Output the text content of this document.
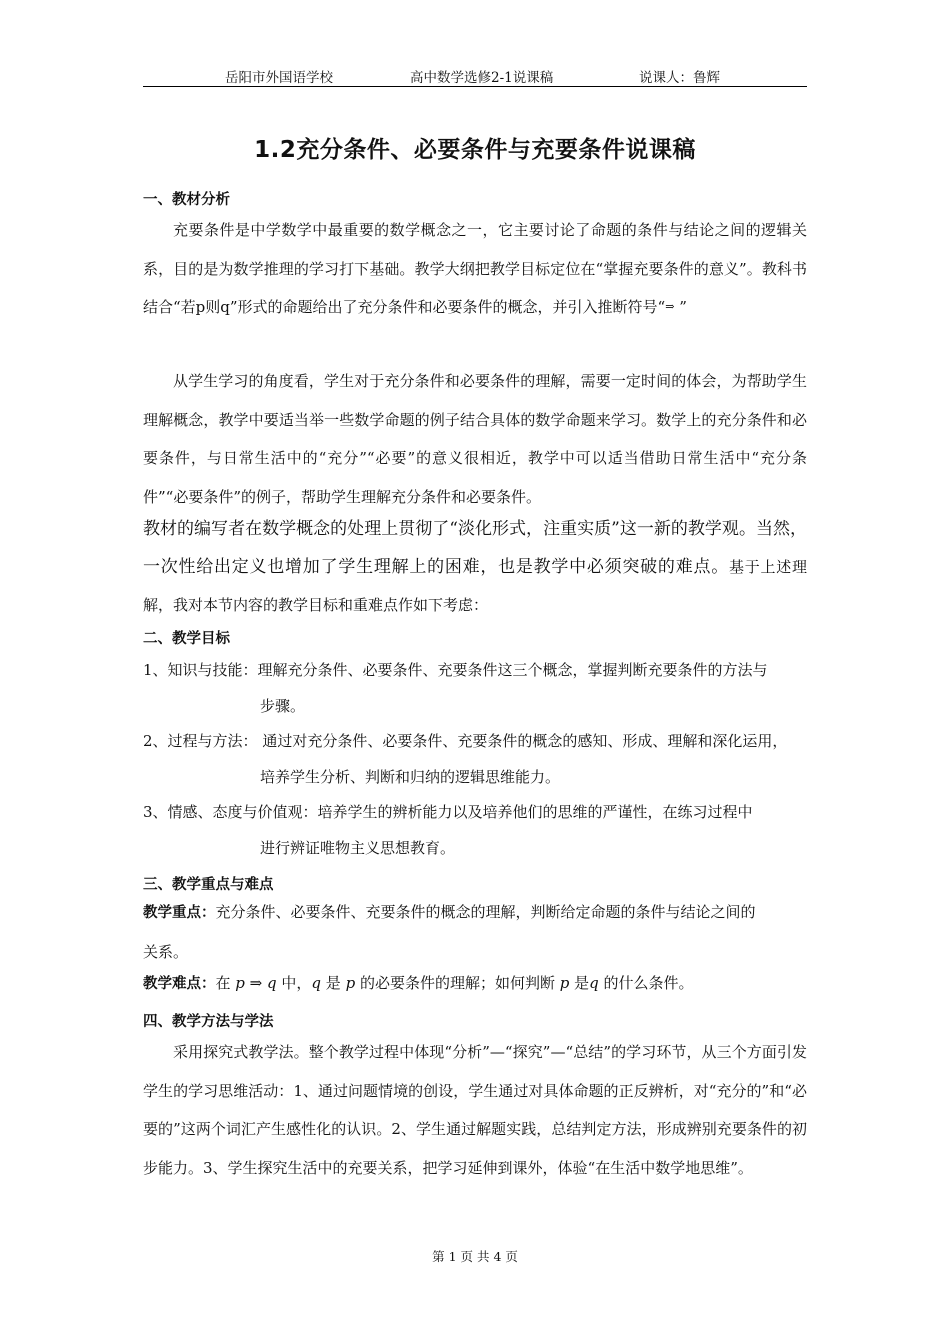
岳阳市外国语学校	高中数学选修2-1说课稿	说课人：鲁辉
1.2充分条件、必要条件与充要条件说课稿
一、教材分析
充要条件是中学数学中最重要的数学概念之一，它主要讨论了命题的条件与结论之间的逻辑关系，目的是为数学推理的学习打下基础。教学大纲把教学目标定位在“掌握充要条件的意义”。教科书结合“若p则q”形式的命题给出了充分条件和必要条件的概念，并引入推断符号“⇒ ”
从学生学习的角度看，学生对于充分条件和必要条件的理解，需要一定时间的体会，为帮助学生理解概念，教学中要适当举一些数学命题的例子结合具体的数学命题来学习。数学上的充分条件和必要条件，与日常生活中的“充分”“必要”的意义很相近，教学中可以适当借助日常生活中“充分条件”“必要条件”的例子，帮助学生理解充分条件和必要条件。
教材的编写者在数学概念的处理上贯彻了“淡化形式，注重实质”这一新的教学观。当然，一次性给出定义也增加了学生理解上的困难，也是教学中必须突破的难点。基于上述理解，我对本节内容的教学目标和重难点作如下考虑：
二、教学目标
1、知识与技能：理解充分条件、必要条件、充要条件这三个概念，掌握判断充要条件的方法与
步骤。
2、过程与方法： 通过对充分条件、必要条件、充要条件的概念的感知、形成、理解和深化运用，
培养学生分析、判断和归纳的逻辑思维能力。
3、情感、态度与价值观：培养学生的辨析能力以及培养他们的思维的严谨性，在练习过程中
进行辨证唯物主义思想教育。
三、教学重点与难点
教学重点：充分条件、必要条件、充要条件的概念的理解，判断给定命题的条件与结论之间的
关系。
教学难点：在 p ⇒ q 中，q 是 p 的必要条件的理解；如何判断 p 是q 的什么条件。
四、教学方法与学法
采用探究式教学法。整个教学过程中体现“分析”—“探究”—“总结”的学习环节，从三个方面引发学生的学习思维活动：1、通过问题情境的创设，学生通过对具体命题的正反辨析，对“充分的”和“必要的”这两个词汇产生感性化的认识。2、学生通过解题实践，总结判定方法，形成辨别充要条件的初步能力。3、学生探究生活中的充要关系，把学习延伸到课外，体验“在生活中数学地思维”。
第 1 页 共 4 页
